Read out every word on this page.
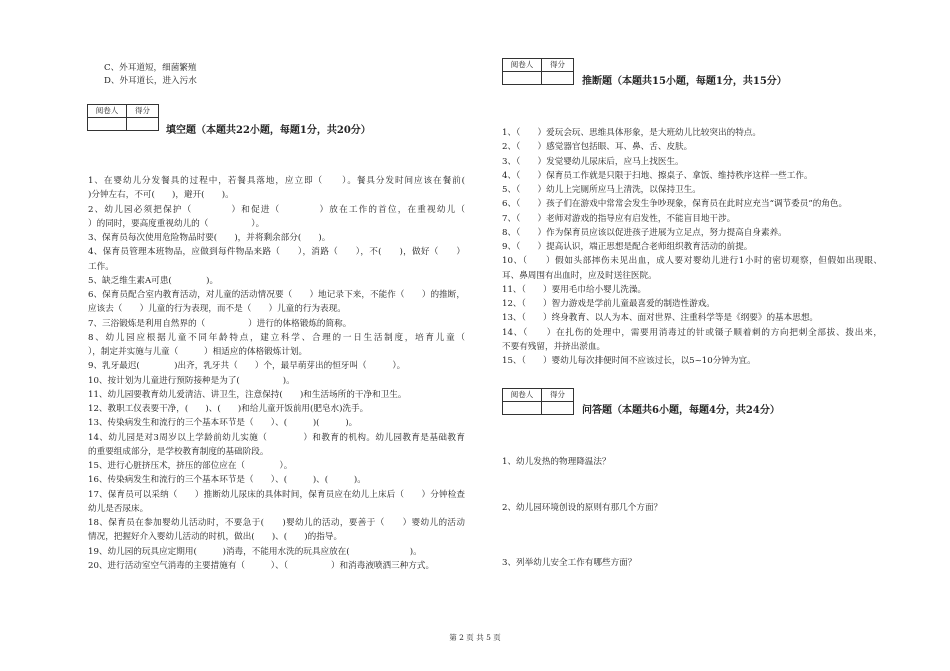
C、外耳道短，细菌繁殖
D、外耳道长，进入污水
阅卷人	得分
填空题（本题共22小题，每题1分，共20分）
1、在婴幼儿分发餐具的过程中，若餐具落地，应立即（　　）。餐具分发时间应该在餐前(
)分钟左右，不可(　　)，避开(　　)。
2、幼儿园必须把保护（　　　　）和促进（　　　　）放在工作的首位，在重视幼儿（
）的同时，要高度重视幼儿的（　　　　　）。
3、保育员每次使用危险物品时要(　　)，并将剩余部分(　　)。
4、保育员管理本班物品，应做到每件物品来路（　　），消路（　　），不(　　)，做好（　　）
工作。
5、缺乏维生素A可患(　　　　)。
6、保育员配合室内教育活动，对儿童的活动情况要（　　）地记录下来，不能作（　　）的推断，
应该去（　　）儿童的行为表现，而不是（　　）儿童的行为表现。
7、三浴锻炼是利用自然界的（　　　　　）进行的体格锻炼的简称。
8、幼儿园应根据儿童不同年龄特点，建立科学、合理的一日生活制度，培育儿童（　　　
），制定并实施与儿童（　　　）相适应的体格锻炼计划。
9、乳牙最迟(　　　　)出齐，乳牙共（　　）个，最早萌芽出的恒牙叫（　　　）。
10、按计划为儿童进行预防接种是为了(　　　　　)。
11、幼儿园要教育幼儿爱清洁、讲卫生，注意保持(　　)和生活场所的干净和卫生。
12、教职工仪表要干净，(　　)、(　　)和给儿童开饭前用(肥皂水)洗手。
13、传染病发生和流行的三个基本环节是（　　）、(　　　)(　　　)。
14、幼儿园是对3周岁以上学龄前幼儿实施（　　　　）和教育的机构。幼儿园教育是基础教育
的重要组成部分，是学校教育制度的基础阶段。
15、进行心脏挤压术，挤压的部位应在（　　　　）。
16、传染病发生和流行的三个基本环节是（　　）、(　　　)、(　　　)。
17、保育员可以采纳（　　）推断幼儿尿床的具体时间，保育员应在幼儿上床后（　　）分钟检查
幼儿是否尿床。
18、保育员在参加婴幼儿活动时，不要急于(　　)婴幼儿的活动，要善于（　　）婴幼儿的活动
情况，把握好介入婴幼儿活动的时机，做出(　　)、(　　)的指导。
19、幼儿园的玩具应定期用(　　　)消毒，不能用水洗的玩具应放在(　　　　　　　)。
20、进行活动室空气消毒的主要措施有（　　　）、（　　　　　）和消毒液喷洒三种方式。
阅卷人	得分
推断题（本题共15小题，每题1分，共15分）
1、（　　）爱玩会玩、思维具体形象，是大班幼儿比较突出的特点。
2、（　　）感觉器官包括眼、耳、鼻、舌、皮肤。
3、（　　）发觉婴幼儿尿床后，应马上找医生。
4、（　　）保育员工作就是只限于扫地、擦桌子、拿饭、维持秩序这样一些工作。
5、（　　）幼儿上完厕所应马上清洗，以保持卫生。
6、（　　）孩子们在游戏中常常会发生争吵现象，保育员在此时应充当“调节委员”的角色。
7、（　　）老师对游戏的指导应有启发性，不能盲目地干涉。
8、（　　）作为保育员应该以促进孩子进展为立足点，努力提高自身素养。
9、（　　）提高认识，端正思想是配合老师组织教育活动的前提。
10、（　　）假如头部摔伤未见出血，成人要对婴幼儿进行1小时的密切观察，但假如出现眼、
耳、鼻周围有出血时，应及时送往医院。
11、（　　）要用毛巾给小婴儿洗澡。
12、（　　）智力游戏是学前儿童最喜爱的制造性游戏。
13、（　　）终身教育、以人为本、面对世界、注重科学等是《纲要》的基本思想。
14、（　　）在扎伤的处理中，需要用消毒过的针或镊子顺着刺的方向把刺全部拔、拨出来，
不要有残留，并挤出淤血。
15、（　　）婴幼儿每次排便时间不应该过长，以5~10分钟为宜。
阅卷人	得分
问答题（本题共6小题，每题4分，共24分）
1、幼儿发热的物理降温法？
2、幼儿园环境创设的原则有那几个方面？
3、列举幼儿安全工作有哪些方面？
第 2 页 共 5 页
